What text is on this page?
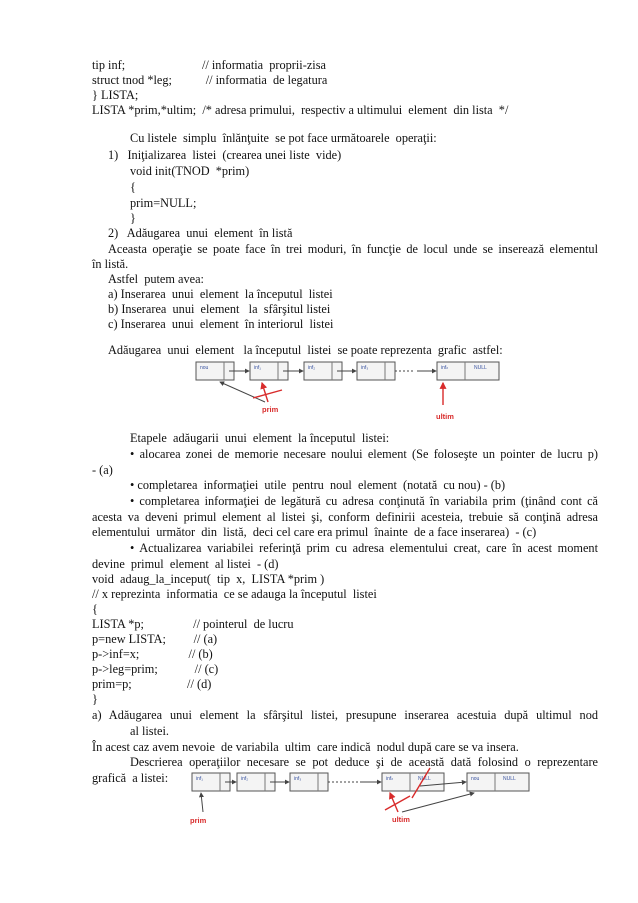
tip inf;                         // informatia  proprii-zisa
struct tnod *leg;           // informatia  de legatura
} LISTA;
LISTA *prim,*ultim;  /* adresa primului,  respectiv a ultimului  element  din lista  */
Cu listele  simplu  înlănţuite  se pot face următoarele  operaţii:
1)   Iniţializarea  listei  (crearea unei liste  vide)
void init(TNOD  *prim)
{
prim=NULL;
}
2)   Adăugarea  unui  element  în listă
Aceasta operaţie se poate face în trei moduri, în funcţie de locul unde se inserează elementul
în listă.
Astfel  putem avea:
a) Inserarea  unui  element  la începutul  listei
b) Inserarea  unui  element   la  sfârşitul listei
c) Inserarea  unui  element  în interiorul  listei
Adăugarea  unui  element   la începutul  listei  se poate reprezenta  grafic  astfel:
Etapele  adăugarii  unui  element  la începutul  listei:
• alocarea zonei de memorie necesare noului element (Se foloseşte un pointer de lucru p)
- (a)
• completarea  informaţiei  utile  pentru  noul  element  (notată  cu nou) - (b)
• completarea informaţiei de legătură cu adresa conţinută în variabila prim (ţinând cont că
acesta va deveni primul element al listei şi, conform definirii acesteia, trebuie să conţină adresa
elementului  următor  din  listă,  deci cel care era primul  înainte  de a face inserarea)  - (c)
• Actualizarea variabilei referinţă prim cu adresa elementului creat, care în acest moment
devine  primul  element  al listei  - (d)
void  adaug_la_inceput(  tip  x,  LISTA *prim )
// x reprezinta  informatia  ce se adauga la începutul  listei
{
LISTA *p;                // pointerul  de lucru
p=new LISTA;         // (a)
p->inf=x;                // (b)
p->leg=prim;            // (c)
prim=p;                  // (d)
}
a) Adăugarea unui element la sfârşitul listei, presupune inserarea acestuia după ultimul nod
al listei.
În acest caz avem nevoie  de variabila  ultim  care indică  nodul după care se va insera.
Descrierea operaţiilor necesare se pot deduce şi de această dată folosind o reprezentare
grafică  a listei:
nou	inf₁	inf₂	inf₃	infₙ	NULL
prim
ultim
inf₁	inf₂	inf₃	infₙ	NULL	nou	NULL
prim	ultim
